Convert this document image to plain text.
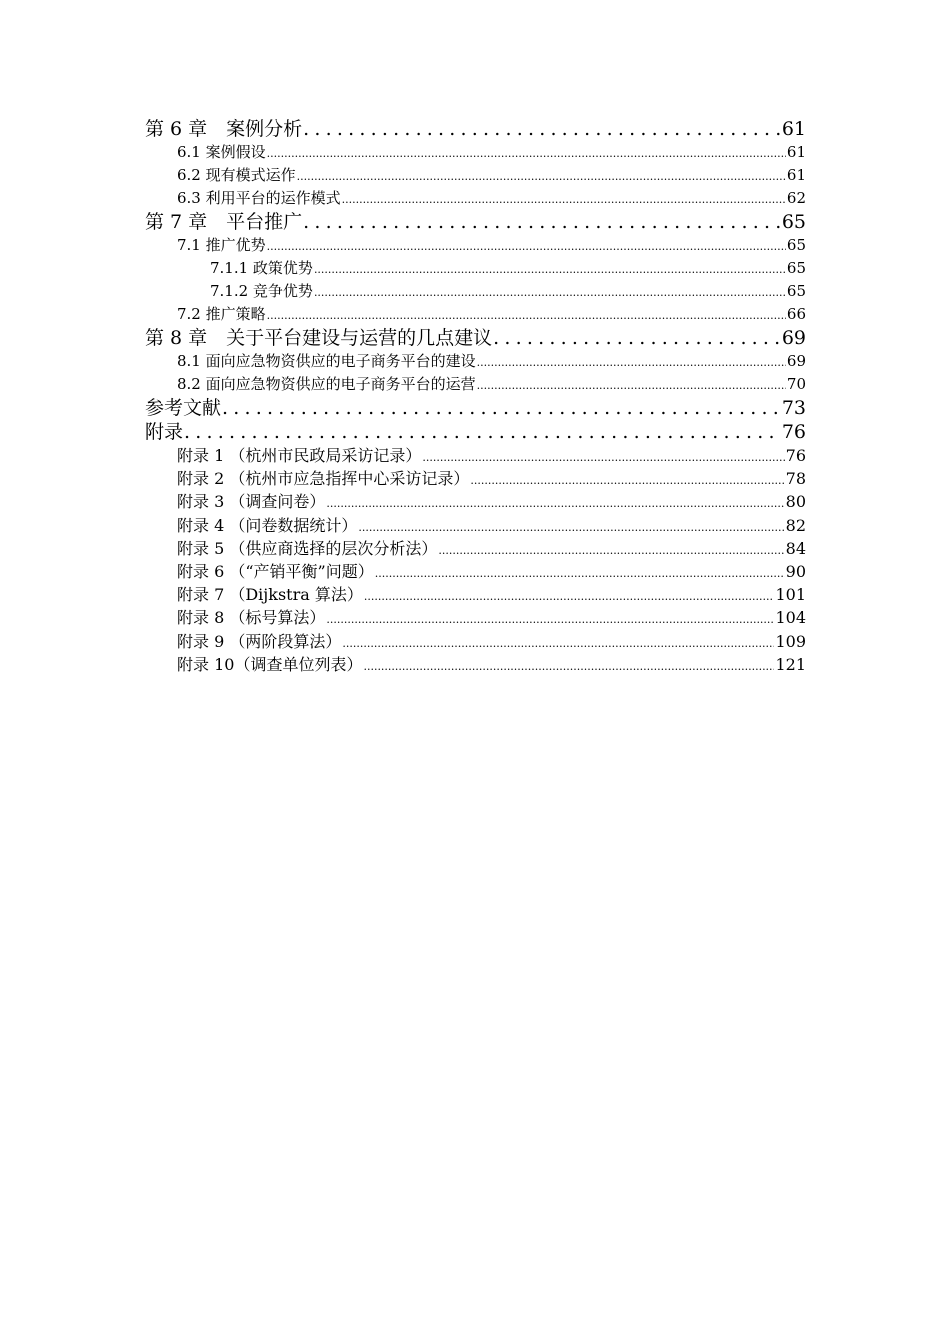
第 6 章　案例分析 .....	61
6.1 案例假设 .....	61
6.2 现有模式运作 .....	61
6.3 利用平台的运作模式 .....	62
第 7 章　平台推广 .....	65
7.1 推广优势 .....	65
7.1.1 政策优势 .....	65
7.1.2 竞争优势 .....	65
7.2 推广策略 .....	66
第 8 章　关于平台建设与运营的几点建议 .....	69
8.1 面向应急物资供应的电子商务平台的建设 .....	69
8.2 面向应急物资供应的电子商务平台的运营 .....	70
参考文献 .....	73
附录 .....	76
附录 1 （杭州市民政局采访记录） .....	76
附录 2 （杭州市应急指挥中心采访记录） .....	78
附录 3 （调查问卷） .....	80
附录 4 （问卷数据统计） .....	82
附录 5 （供应商选择的层次分析法） .....	84
附录 6 （“产销平衡”问题） .....	90
附录 7 （Dijkstra 算法） .....	101
附录 8 （标号算法） .....	104
附录 9 （两阶段算法） .....	109
附录 10（调查单位列表） .....	121
